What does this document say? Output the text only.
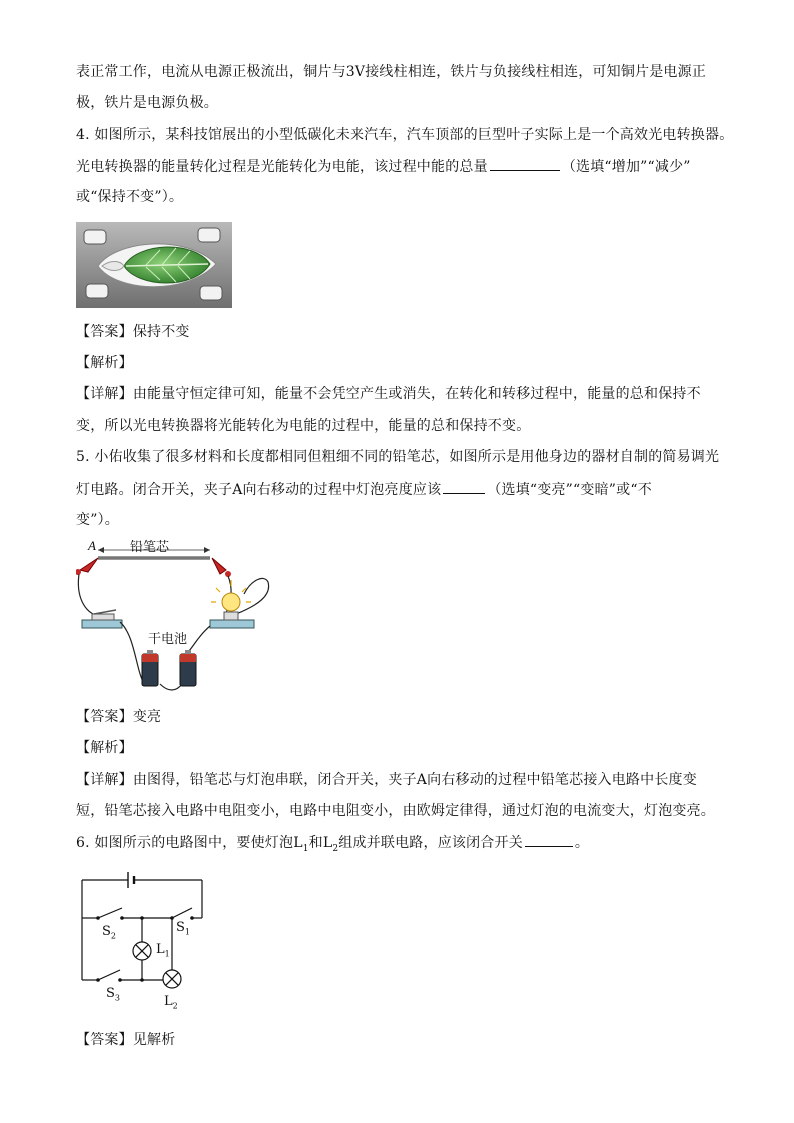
表正常工作，电流从电源正极流出，铜片与3V接线柱相连，铁片与负接线柱相连，可知铜片是电源正
极，铁片是电源负极。
4. 如图所示，某科技馆展出的小型低碳化未来汽车，汽车顶部的巨型叶子实际上是一个高效光电转换器。
光电转换器的能量转化过程是光能转化为电能，该过程中能的总量	（选填“增加”“减少”
或“保持不变”）。
【答案】保持不变
【解析】
【详解】由能量守恒定律可知，能量不会凭空产生或消失，在转化和转移过程中，能量的总和保持不
变，所以光电转换器将光能转化为电能的过程中，能量的总和保持不变。
5. 小佑收集了很多材料和长度都相同但粗细不同的铅笔芯，如图所示是用他身边的器材自制的简易调光
灯电路。闭合开关，夹子A向右移动的过程中灯泡亮度应该	（选填“变亮”“变暗”或“不
变”）。
A	铅笔芯
干电池
【答案】变亮
【解析】
【详解】由图得，铅笔芯与灯泡串联，闭合开关，夹子A向右移动的过程中铅笔芯接入电路中长度变
短，铅笔芯接入电路中电阻变小，电路中电阻变小，由欧姆定律得，通过灯泡的电流变大，灯泡变亮。
6. 如图所示的电路图中，要使灯泡$L_1$和$L_2$组成并联电路，应该闭合开关	。
$S_2$
$S_1$
$L_1$
$S_3$	$L_2$
【答案】见解析
